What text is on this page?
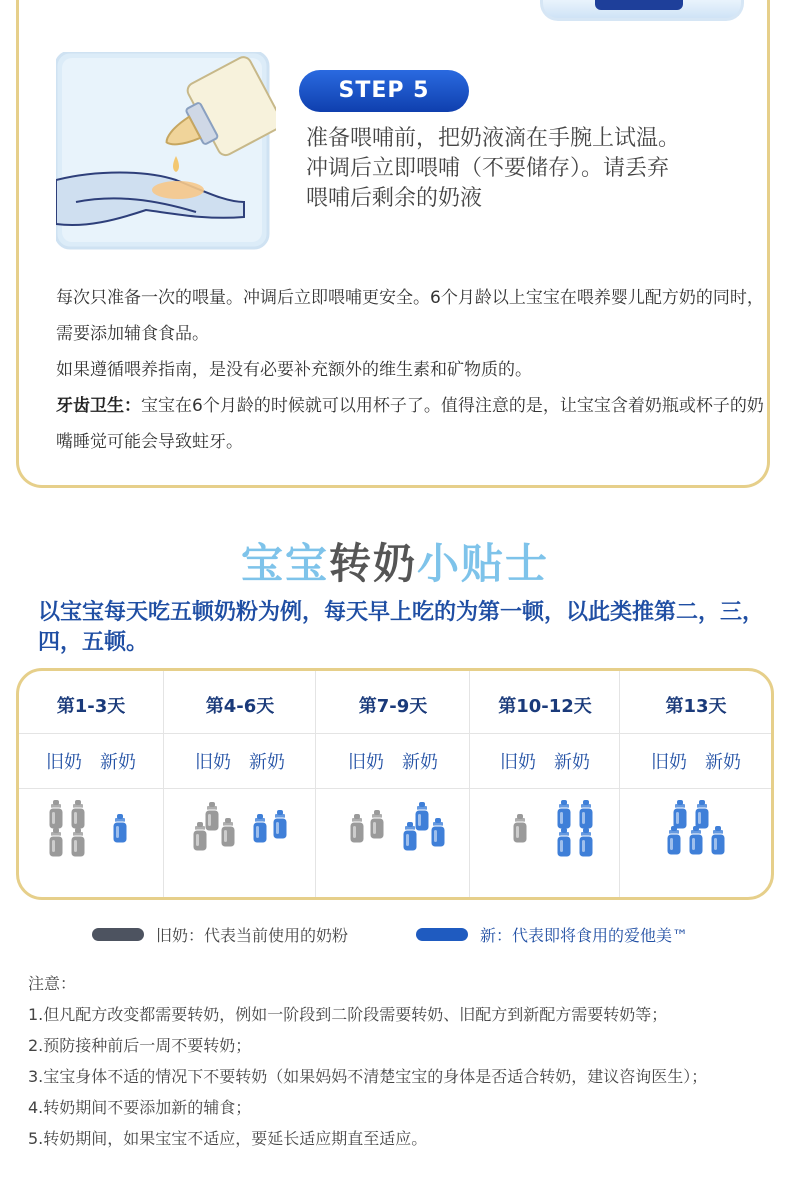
STEP 5
准备喂哺前，把奶液滴在手腕上试温。
冲调后立即喂哺（不要储存）。请丢弃
喂哺后剩余的奶液

每次只准备一次的喂量。冲调后立即喂哺更安全。6个月龄以上宝宝在喂养婴儿配方奶的同时，需要添加辅食食品。

如果遵循喂养指南，是没有必要补充额外的维生素和矿物质的。

牙齿卫生：宝宝在6个月龄的时候就可以用杯子了。值得注意的是，让宝宝含着奶瓶或杯子的奶嘴睡觉可能会导致蛀牙。

宝宝转奶小贴士
以宝宝每天吃五顿奶粉为例，每天早上吃的为第一顿，以此类推第二，三，四，五顿。
第1-3天
旧奶 新奶
第4-6天
旧奶 新奶
第7-9天
旧奶 新奶
第10-12天
旧奶 新奶
第13天
旧奶 新奶
旧奶：代表当前使用的奶粉	新：代表即将食用的爱他美™
注意：
1.但凡配方改变都需要转奶，例如一阶段到二阶段需要转奶、旧配方到新配方需要转奶等；
2.预防接种前后一周不要转奶；
3.宝宝身体不适的情况下不要转奶（如果妈妈不清楚宝宝的身体是否适合转奶，建议咨询医生）；
4.转奶期间不要添加新的辅食；
5.转奶期间，如果宝宝不适应，要延长适应期直至适应。
